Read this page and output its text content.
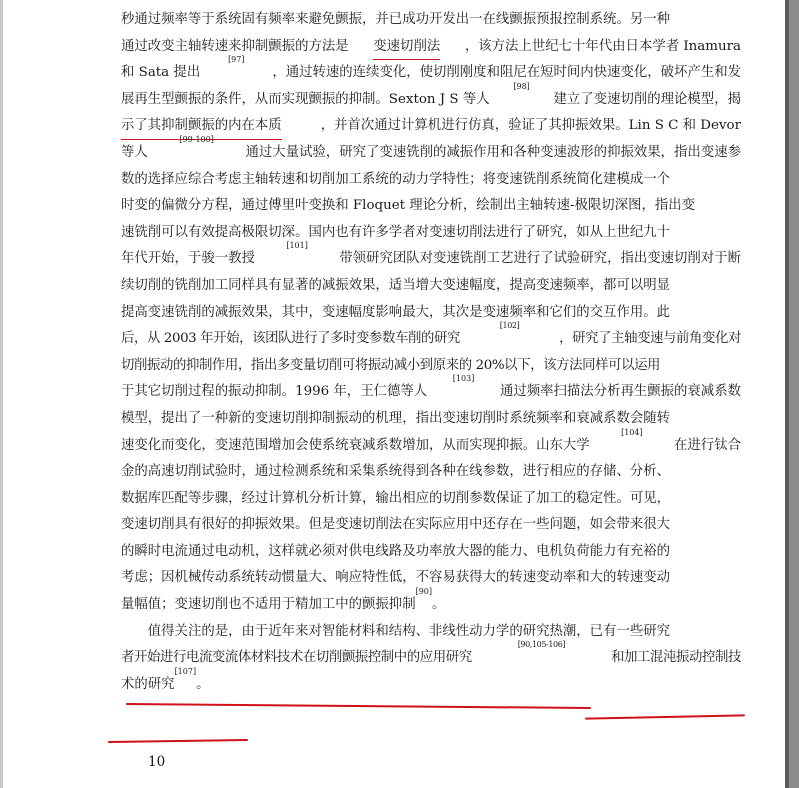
秒通过频率等于系统固有频率来避免颤振，并已成功开发出一在线颤振预报控制系统。另一种
通过改变主轴转速来抑制颤振的方法是 变速切削法 ，该方法上世纪七十年代由日本学者 Inamura
和 Sata 提出
[97]
，通过转速的连续变化，使切削刚度和阻尼在短时间内快速变化，破坏产生和发
展再生型颤振的条件，从而实现颤振的抑制。Sexton J S 等人
[98]
建立了变速切削的理论模型，揭
示了其抑制颤振的内在本质	，并首次通过计算机进行仿真，验证了其抑振效果。Lin S C 和 Devor
等人
[99-100]
通过大量试验，研究了变速铣削的减振作用和各种变速波形的抑振效果，指出变速参
数的选择应综合考虑主轴转速和切削加工系统的动力学特性；将变速铣削系统简化建模成一个
时变的偏微分方程，通过傅里叶变换和 Floquet 理论分析，绘制出主轴转速-极限切深图，指出变
速铣削可以有效提高极限切深。国内也有许多学者对变速切削法进行了研究，如从上世纪九十
年代开始，于骏一教授
[101]
带领研究团队对变速铣削工艺进行了试验研究，指出变速切削对于断
续切削的铣削加工同样具有显著的减振效果，适当增大变速幅度，提高变速频率，都可以明显
提高变速铣削的减振效果，其中，变速幅度影响最大，其次是变速频率和它们的交互作用。此
后，从 2003 年开始，该团队进行了多时变参数车削的研究
[102]
，研究了主轴变速与前角变化对
切削振动的抑制作用，指出多变量切削可将振动减小到原来的 20%以下，该方法同样可以运用
于其它切削过程的振动抑制。1996 年，王仁德等人
[103]
通过频率扫描法分析再生颤振的衰减系数
模型，提出了一种新的变速切削抑制振动的机理，指出变速切削时系统频率和衰减系数会随转
速变化而变化，变速范围增加会使系统衰减系数增加，从而实现抑振。山东大学
[104]
在进行钛合
金的高速切削试验时，通过检测系统和采集系统得到各种在线参数，进行相应的存储、分析、
数据库匹配等步骤，经过计算机分析计算，输出相应的切削参数保证了加工的稳定性。可见，
变速切削具有很好的抑振效果。但是变速切削法在实际应用中还存在一些问题，如会带来很大
的瞬时电流通过电动机，这样就必须对供电线路及功率放大器的能力、电机负荷能力有充裕的
考虑；因机械传动系统转动惯量大、响应特性低，不容易获得大的转速变动率和大的转速变动
量幅值；变速切削也不适用于精加工中的颤振抑制
[90]
。
　　值得关注的是，由于近年来对智能材料和结构、非线性动力学的研究热潮，已有一些研究
者开始进行电流变流体材料技术在切削颤振控制中的应用研究
[90,105-106]
和加工混沌振动控制技
术的研究
[107]
。
10
